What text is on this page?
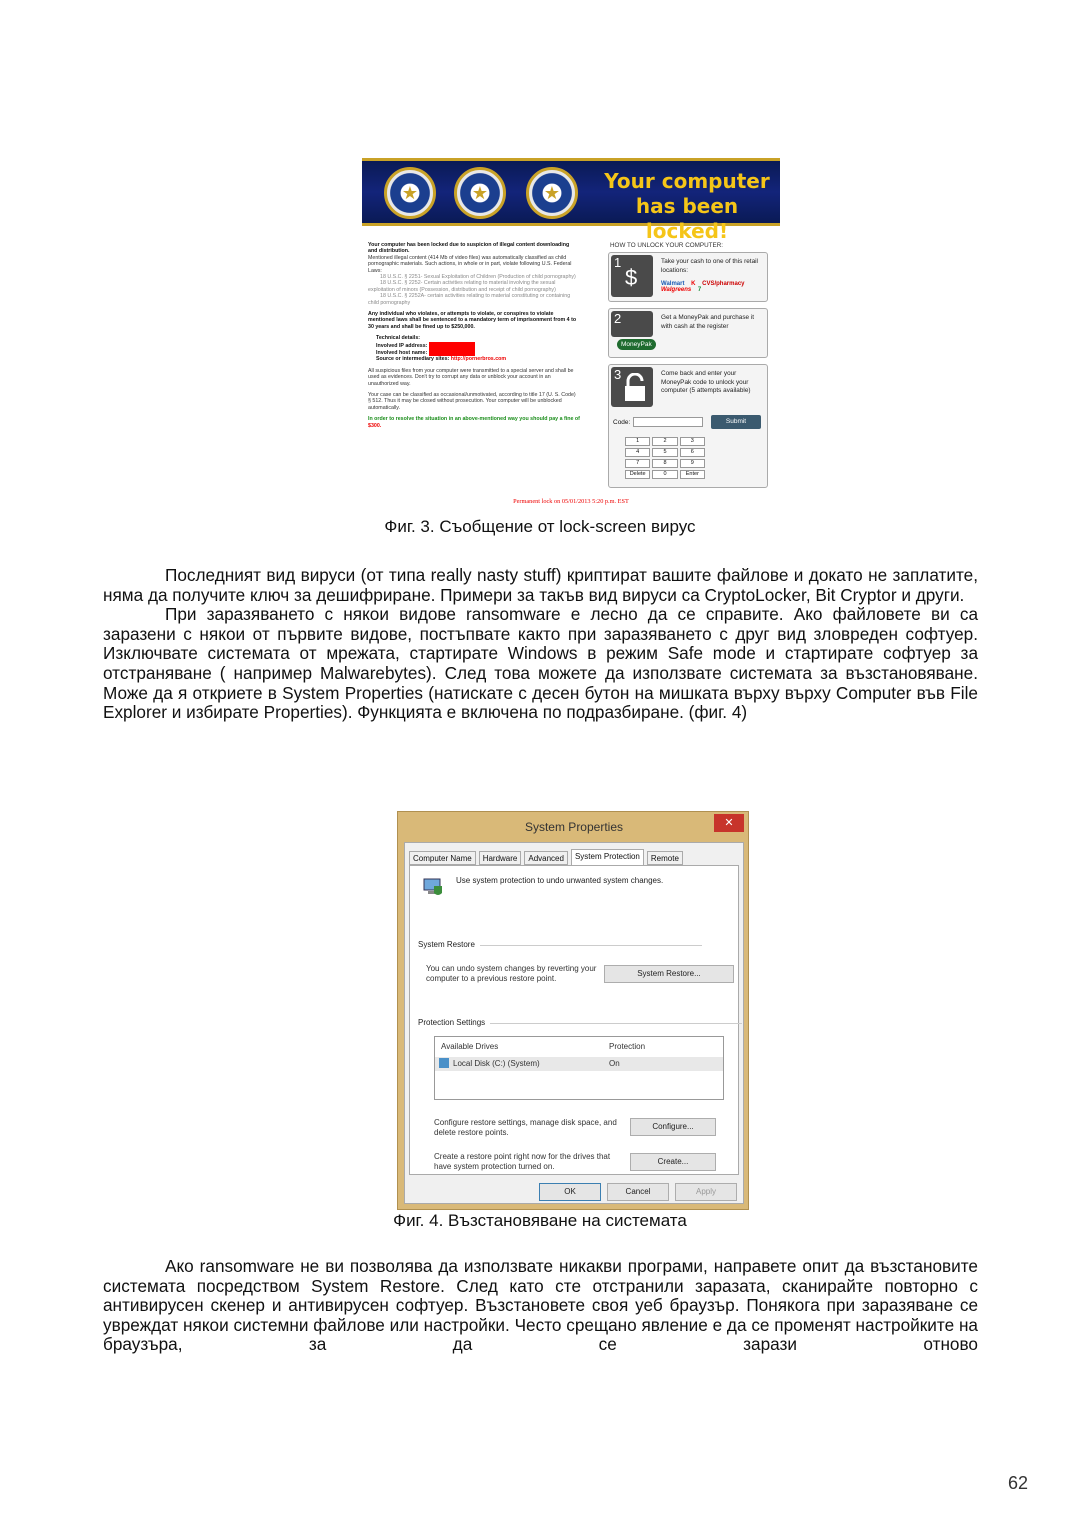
★
★
★
Your computer
has been locked!

Your computer has been locked due to suspicion of illegal content downloading and distribution.
Mentioned illegal content (414 Mb of video files) was automatically classified as child pornographic materials. Such actions, in whole or in part, violate following U.S. Federal Laws:
18 U.S.C. § 2251- Sexual Exploitation of Children (Production of child pornography)
18 U.S.C. § 2252- Certain activities relating to material involving the sexual exploitation of minors (Possession, distribution and receipt of child pornography)
18 U.S.C. § 2252A- certain activities relating to material constituting or containing child pornography

Any individual who violates, or attempts to violate, or conspires to violate mentioned laws shall be sentenced to a mandatory term of imprisonment from 4 to 30 years and shall be fined up to $250,000.

Technical details:
Involved IP address:
Involved host name:
Source or intermediary sites: http://pornerbros.com

All suspicious files from your computer were transmitted to a special server and shall be used as evidences. Don't try to corrupt any data or unblock your account in an unauthorized way.

Your case can be classified as occasional/unmotivated, according to title 17 (U. S. Code) § 512. Thus it may be closed without prosecution. Your computer will be unblocked automatically.

In order to resolve the situation in an above-mentioned way you should pay a fine of $300.

HOW TO UNLOCK YOUR COMPUTER:
1
$
Take your cash to one of this retail locations:
Walmart K CVS/pharmacy Walgreens 7
2
MoneyPak
Get a MoneyPak and purchase it with cash at the register
3	Come back and enter your MoneyPak code to unlock your computer (5 attempts available)
Code:	Submit
1	2	3
4	5	6
7	8	9
Delete	0	Enter
Permanent lock on 05/01/2013 5:20 p.m. EST
Фиг. 3. Съобщение от lock-screen вирус

Последният вид вируси (от типа really nasty stuff) криптират вашите файлове и докато не заплатите, няма да получите ключ за дешифриране. Примери за такъв вид вируси са CryptoLocker, Bit Cryptor и други.

При заразяването с някои видове ransomware е лесно да се справите. Ако файловете ви са заразени с някои от първите видове, постъпвате както при заразяването с друг вид зловреден софтуер. Изключвате системата от мрежата, стартирате Windows в режим Safe mode и стартирате софтуер за отстраняване ( например Malwarebytes). След това можете да използвате системата за възстановяване. Може да я откриете в System Properties (натискате с десен бутон на мишката върху върху Computer във File Explorer и избирате Properties). Функцията е включена по подразбиране. (фиг. 4)

System Properties	✕
Computer Name	Hardware	Advanced	System Protection	Remote
Use system protection to undo unwanted system changes.
System Restore
You can undo system changes by reverting your computer to a previous restore point.
System Restore...
Protection Settings
Available Drives	Protection
Local Disk (C:) (System)	On
Configure restore settings, manage disk space, and delete restore points.
Configure...
Create a restore point right now for the drives that have system protection turned on.
Create...
OK	Cancel	Apply
Фиг. 4. Възстановяване на системата

Ако ransomware не ви позволява да използвате никакви програми, направете опит да възстановите системата посредством System Restore. След като сте отстранили заразата, сканирайте повторно с антивирусен скенер и антивирусен софтуер. Възстановете своя уеб браузър. Понякога при заразяване се увреждат някои системни файлове или настройки. Често срещано явление е да се променят настройките на браузъра, за да се зарази отново

62
